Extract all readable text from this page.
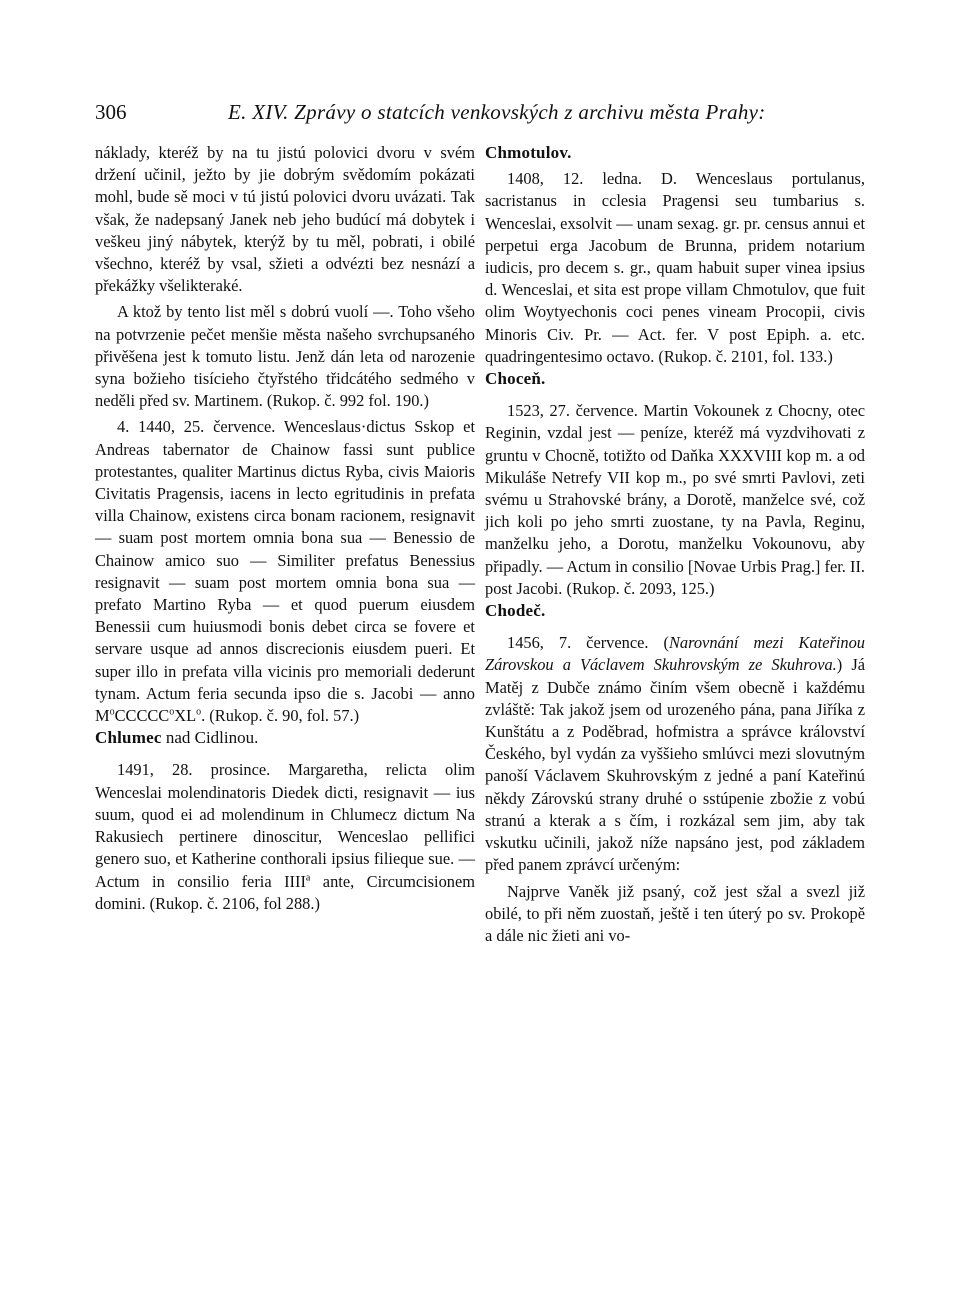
306	E. XIV. Zprávy o statcích venkovských z archivu města Prahy:

náklady, kteréž by na tu jistú polovici dvoru v svém držení učinil, ježto by jie dobrým svědomím pokázati mohl, bude sě moci v tú jistú polovici dvoru uvázati. Tak však, že nadepsaný Janek neb jeho budúcí má dobytek i veškeu jiný nábytek, kterýž by tu měl, pobrati, i obilé všechno, kteréž by vsal, sžieti a odvézti bez nesnází a překážky všelikteraké.

A ktož by tento list měl s dobrú vuolí —. Toho všeho na potvrzenie pečet menšie města našeho svrchupsaného přivěšena jest k tomuto listu. Jenž dán leta od narozenie syna božieho tisícieho čtyřstého třidcátého sedmého v neděli před sv. Martinem. (Rukop. č. 992 fol. 190.)

4. 1440, 25. července. Wenceslaus·dictus Sskop et Andreas tabernator de Chainow fassi sunt publice protestantes, qualiter Martinus dictus Ryba, civis Maioris Civitatis Pragensis, iacens in lecto egritudinis in prefata villa Chainow, existens circa bonam racionem, resignavit — suam post mortem omnia bona sua — Benessio de Chainow amico suo — Similiter prefatus Benessius resignavit — suam post mortem omnia bona sua — prefato Martino Ryba — et quod puerum eiusdem Benessii cum huiusmodi bonis debet circa se fovere et servare usque ad annos discrecionis eiusdem pueri. Et super illo in prefata villa vicinis pro memoriali dederunt tynam. Actum feria secunda ipso die s. Jacobi — anno $M^oCCCCC^oXL^o$. (Rukop. č. 90, fol. 57.)

Chlumec nad Cidlinou.

1491, 28. prosince. Margaretha, relicta olim Wenceslai molendinatoris Diedek dicti, resignavit — ius suum, quod ei ad molendinum in Chlumecz dictum Na Rakusiech pertinere dinoscitur, Wenceslao pellifici genero suo, et Katherine conthorali ipsius filieque sue. — Actum in consilio feria IIII$^a$ ante, Circumcisionem domini. (Rukop. č. 2106, fol 288.)

Chmotulov.

1408, 12. ledna. D. Wenceslaus portulanus, sacristanus in cclesia Pragensi seu tumbarius s. Wenceslai, exsolvit — unam sexag. gr. pr. census annui et perpetui erga Jacobum de Brunna, pridem notarium iudicis, pro decem s. gr., quam habuit super vinea ipsius d. Wenceslai, et sita est prope villam Chmotulov, que fuit olim Woytyechonis coci penes vineam Procopii, civis Minoris Civ. Pr. — Act. fer. V post Epiph. a. etc. quadringentesimo octavo. (Rukop. č. 2101, fol. 133.)

Choceň.

1523, 27. července. Martin Vokounek z Chocny, otec Reginin, vzdal jest — peníze, kteréž má vyzdvihovati z gruntu v Chocně, totižto od Daňka XXXVIII kop m. a od Mikuláše Netrefy VII kop m., po své smrti Pavlovi, zeti svému u Strahovské brány, a Dorotě, manželce své, což jich koli po jeho smrti zuostane, ty na Pavla, Reginu, manželku jeho, a Dorotu, manželku Vokounovu, aby připadly. — Actum in consilio [Novae Urbis Prag.] fer. II. post Jacobi. (Rukop. č. 2093, 125.)

Chodeč.

1456, 7. července. (Narovnání mezi Kateřinou Zárovskou a Václavem Skuhrovským ze Skuhrova.) Já Matěj z Dubče známo činím všem obecně i každému zvláště: Tak jakož jsem od urozeného pána, pana Jiříka z Kunštátu a z Poděbrad, hofmistra a správce království Českého, byl vydán za vyššieho smlúvci mezi slovutným panoší Václavem Skuhrovským z jedné a paní Kateřinú někdy Zárovskú strany druhé o sstúpenie zbožie z vobú stranú a kterak a s čím, i rozkázal sem jim, aby tak vskutku učinili, jakož níže napsáno jest, pod základem před panem zprávcí určeným:

Najprve Vaněk již psaný, což jest sžal a svezl již obilé, to při něm zuostaň, ještě i ten úterý po sv. Prokopě a dále nic žieti ani vo-
